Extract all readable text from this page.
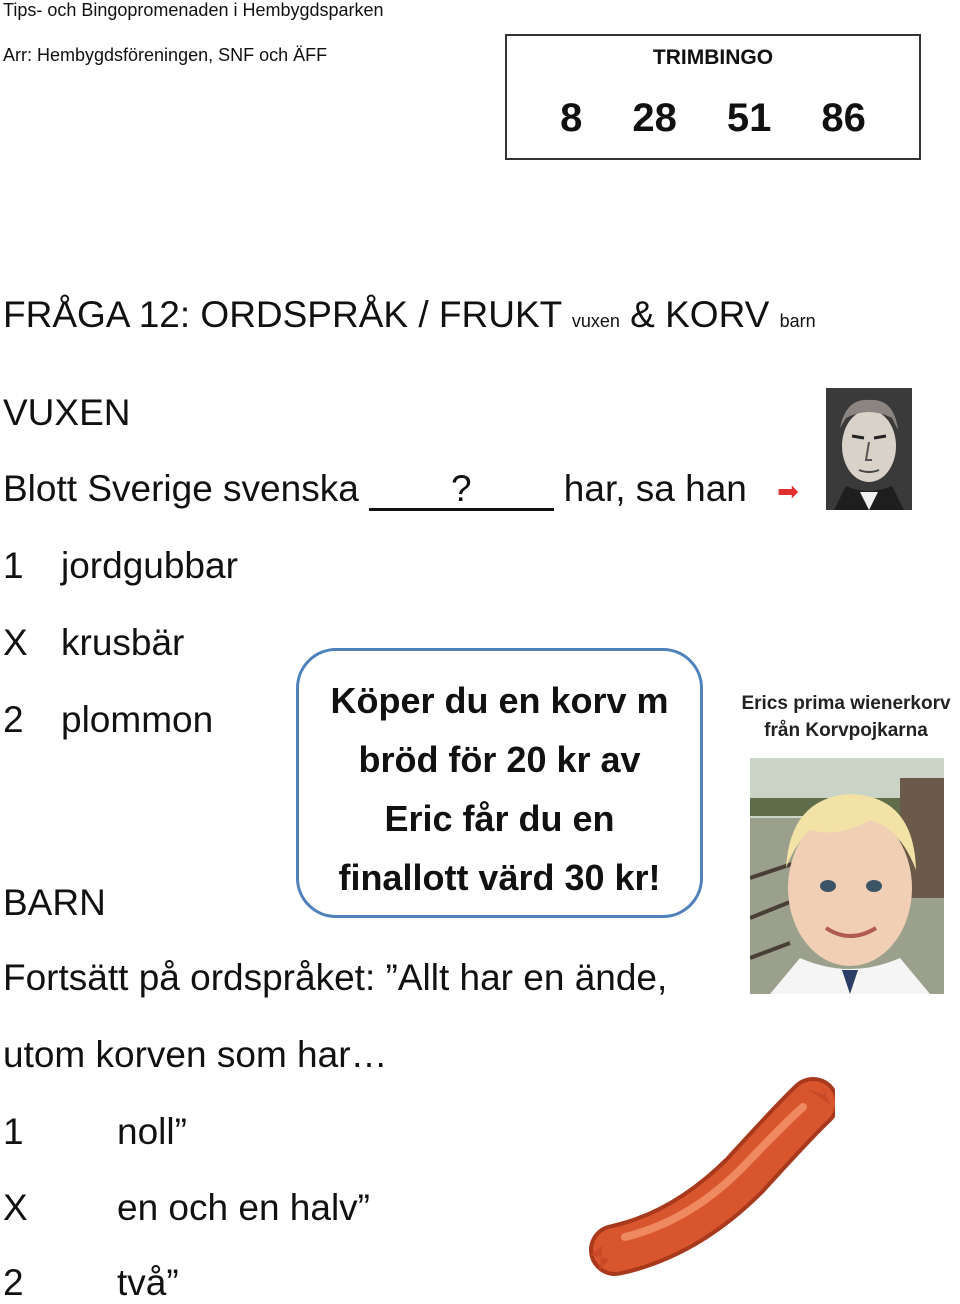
Tips- och Bingopromenaden i Hembygdsparken
Arr: Hembygdsföreningen, SNF och ÄFF	TRIMBINGO
8 28 51 86
FRÅGA 12: ORDSPRÅK / FRUKT vuxen & KORV barn
VUXEN
Blott Sverige svenska ? har, sa han ➡
1 jordgubbar
X krusbär
2 plommon	Köper du en korv m
bröd för 20 kr av
Eric får du en
finallott värd 30 kr!
Erics prima wienerkorv
från Korvpojkarna
BARN
Fortsätt på ordspråket: ”Allt har en ände,
utom korven som har…
1	noll”
X en och en halv”
2	två”
